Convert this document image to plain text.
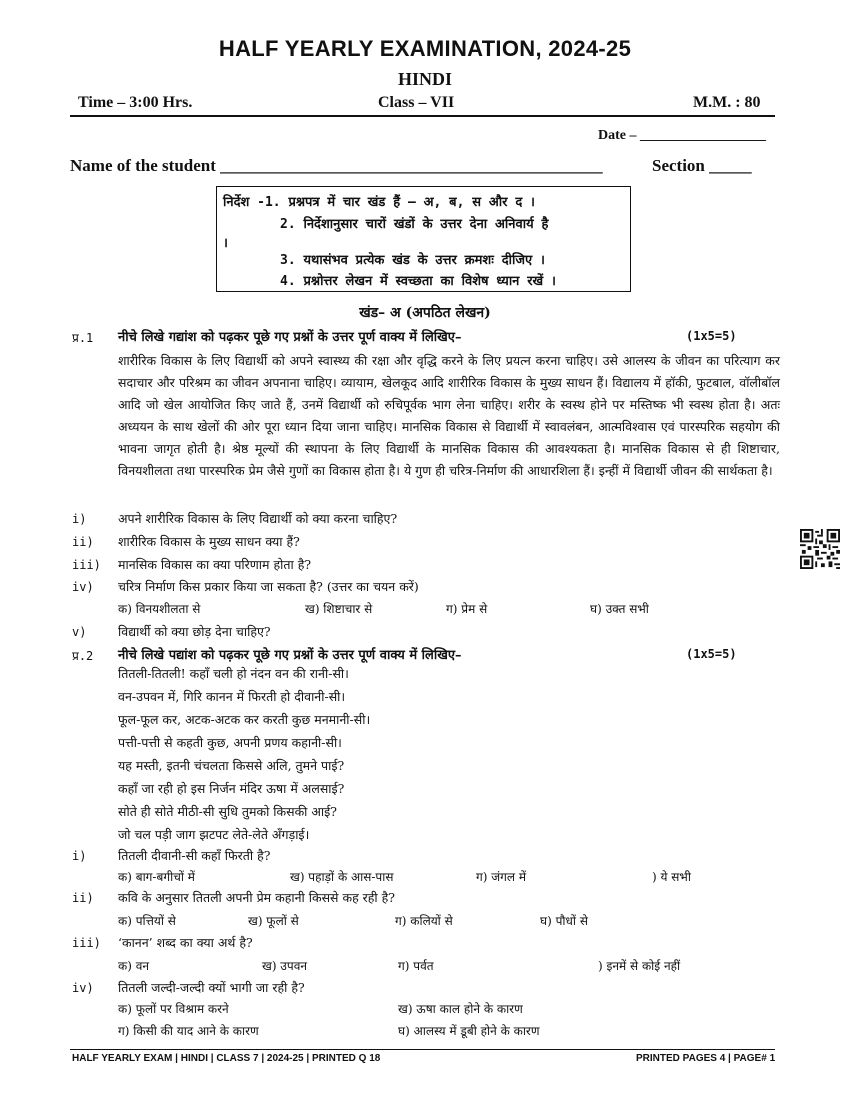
HALF YEARLY EXAMINATION, 2024-25
HINDI
Time – 3:00 Hrs.	Class – VII	M.M. : 80
Date – __________________
Name of the student _____________________________________________	Section _____
निर्देश -1. प्रश्नपत्र में चार खंड हैं – अ, ब, स और द ।
2. निर्देशानुसार चारों खंडों के उत्तर देना अनिवार्य है
।
3. यथासंभव प्रत्येक खंड के उत्तर क्रमशः दीजिए ।
4. प्रश्नोत्तर लेखन में स्वच्छता का विशेष ध्यान रखें ।
खंड– अ (अपठित लेखन)
प्र.1 नीचे लिखे गद्यांश को पढ़कर पूछे गए प्रश्नों के उत्तर पूर्ण वाक्य में लिखिए–	(1x5=5)
शारीरिक विकास के लिए विद्यार्थी को अपने स्वास्थ्य की रक्षा और वृद्धि करने के लिए प्रयत्न करना चाहिए। उसे आलस्य के जीवन का परित्याग कर सदाचार और परिश्रम का जीवन अपनाना चाहिए। व्यायाम, खेलकूद आदि शारीरिक विकास के मुख्य साधन हैं। विद्यालय में हॉकी, फुटबाल, वॉलीबॉल आदि जो खेल आयोजित किए जाते हैं, उनमें विद्यार्थी को रुचिपूर्वक भाग लेना चाहिए। शरीर के स्वस्थ होने पर मस्तिष्क भी स्वस्थ होता है। अतः अध्ययन के साथ खेलों की ओर पूरा ध्यान दिया जाना चाहिए। मानसिक विकास से विद्यार्थी में स्वावलंबन, आत्मविश्वास एवं पारस्परिक सहयोग की भावना जागृत होती है। श्रेष्ठ मूल्यों की स्थापना के लिए विद्यार्थी के मानसिक विकास की आवश्यकता है। मानसिक विकास से ही शिष्टाचार, विनयशीलता तथा पारस्परिक प्रेम जैसे गुणों का विकास होता है। ये गुण ही चरित्र-निर्माण की आधारशिला हैं। इन्हीं में विद्यार्थी जीवन की सार्थकता है।
i)	अपने शारीरिक विकास के लिए विद्यार्थी को क्या करना चाहिए?
ii) शारीरिक विकास के मुख्य साधन क्या हैं?
iii) मानसिक विकास का क्या परिणाम होता है?
iv) चरित्र निर्माण किस प्रकार किया जा सकता है? (उत्तर का चयन करें)
क) विनयशीलता से	ख) शिष्टाचार से	ग) प्रेम से	घ) उक्त सभी
v)	विद्यार्थी को क्या छोड़ देना चाहिए?
प्र.2 नीचे लिखे पद्यांश को पढ़कर पूछे गए प्रश्नों के उत्तर पूर्ण वाक्य में लिखिए–	(1x5=5)
तितली-तितली! कहाँ चली हो नंदन वन की रानी-सी।
वन-उपवन में, गिरि कानन में फिरती हो दीवानी-सी।
फूल-फूल कर, अटक-अटक कर करती कुछ मनमानी-सी।
पत्ती-पत्ती से कहती कुछ, अपनी प्रणय कहानी-सी।
यह मस्ती, इतनी चंचलता किससे अलि, तुमने पाई?
कहाँ जा रही हो इस निर्जन मंदिर ऊषा में अलसाई?
सोते ही सोते मीठी-सी सुधि तुमको किसकी आई?
जो चल पड़ी जाग झटपट लेते-लेते अँगड़ाई।
i)	तितली दीवानी-सी कहाँ फिरती है?
क) बाग-बगीचों में	ख) पहाड़ों के आस-पास	ग) जंगल में	) ये सभी
ii) कवि के अनुसार तितली अपनी प्रेम कहानी किससे कह रही है?
क) पत्तियों से	ख) फूलों से	ग) कलियों से	घ) पौधों से
iii) ‘कानन’ शब्द का क्या अर्थ है?
क) वन	ख) उपवन	ग) पर्वत	) इनमें से कोई नहीं
iv) तितली जल्दी-जल्दी क्यों भागी जा रही है?
क) फूलों पर विश्राम करने	ख) ऊषा काल होने के कारण
ग) किसी की याद आने के कारण	घ) आलस्य में डूबी होने के कारण
HALF YEARLY EXAM | HINDI | CLASS 7 | 2024-25 | PRINTED Q 18	PRINTED PAGES 4 | PAGE# 1
